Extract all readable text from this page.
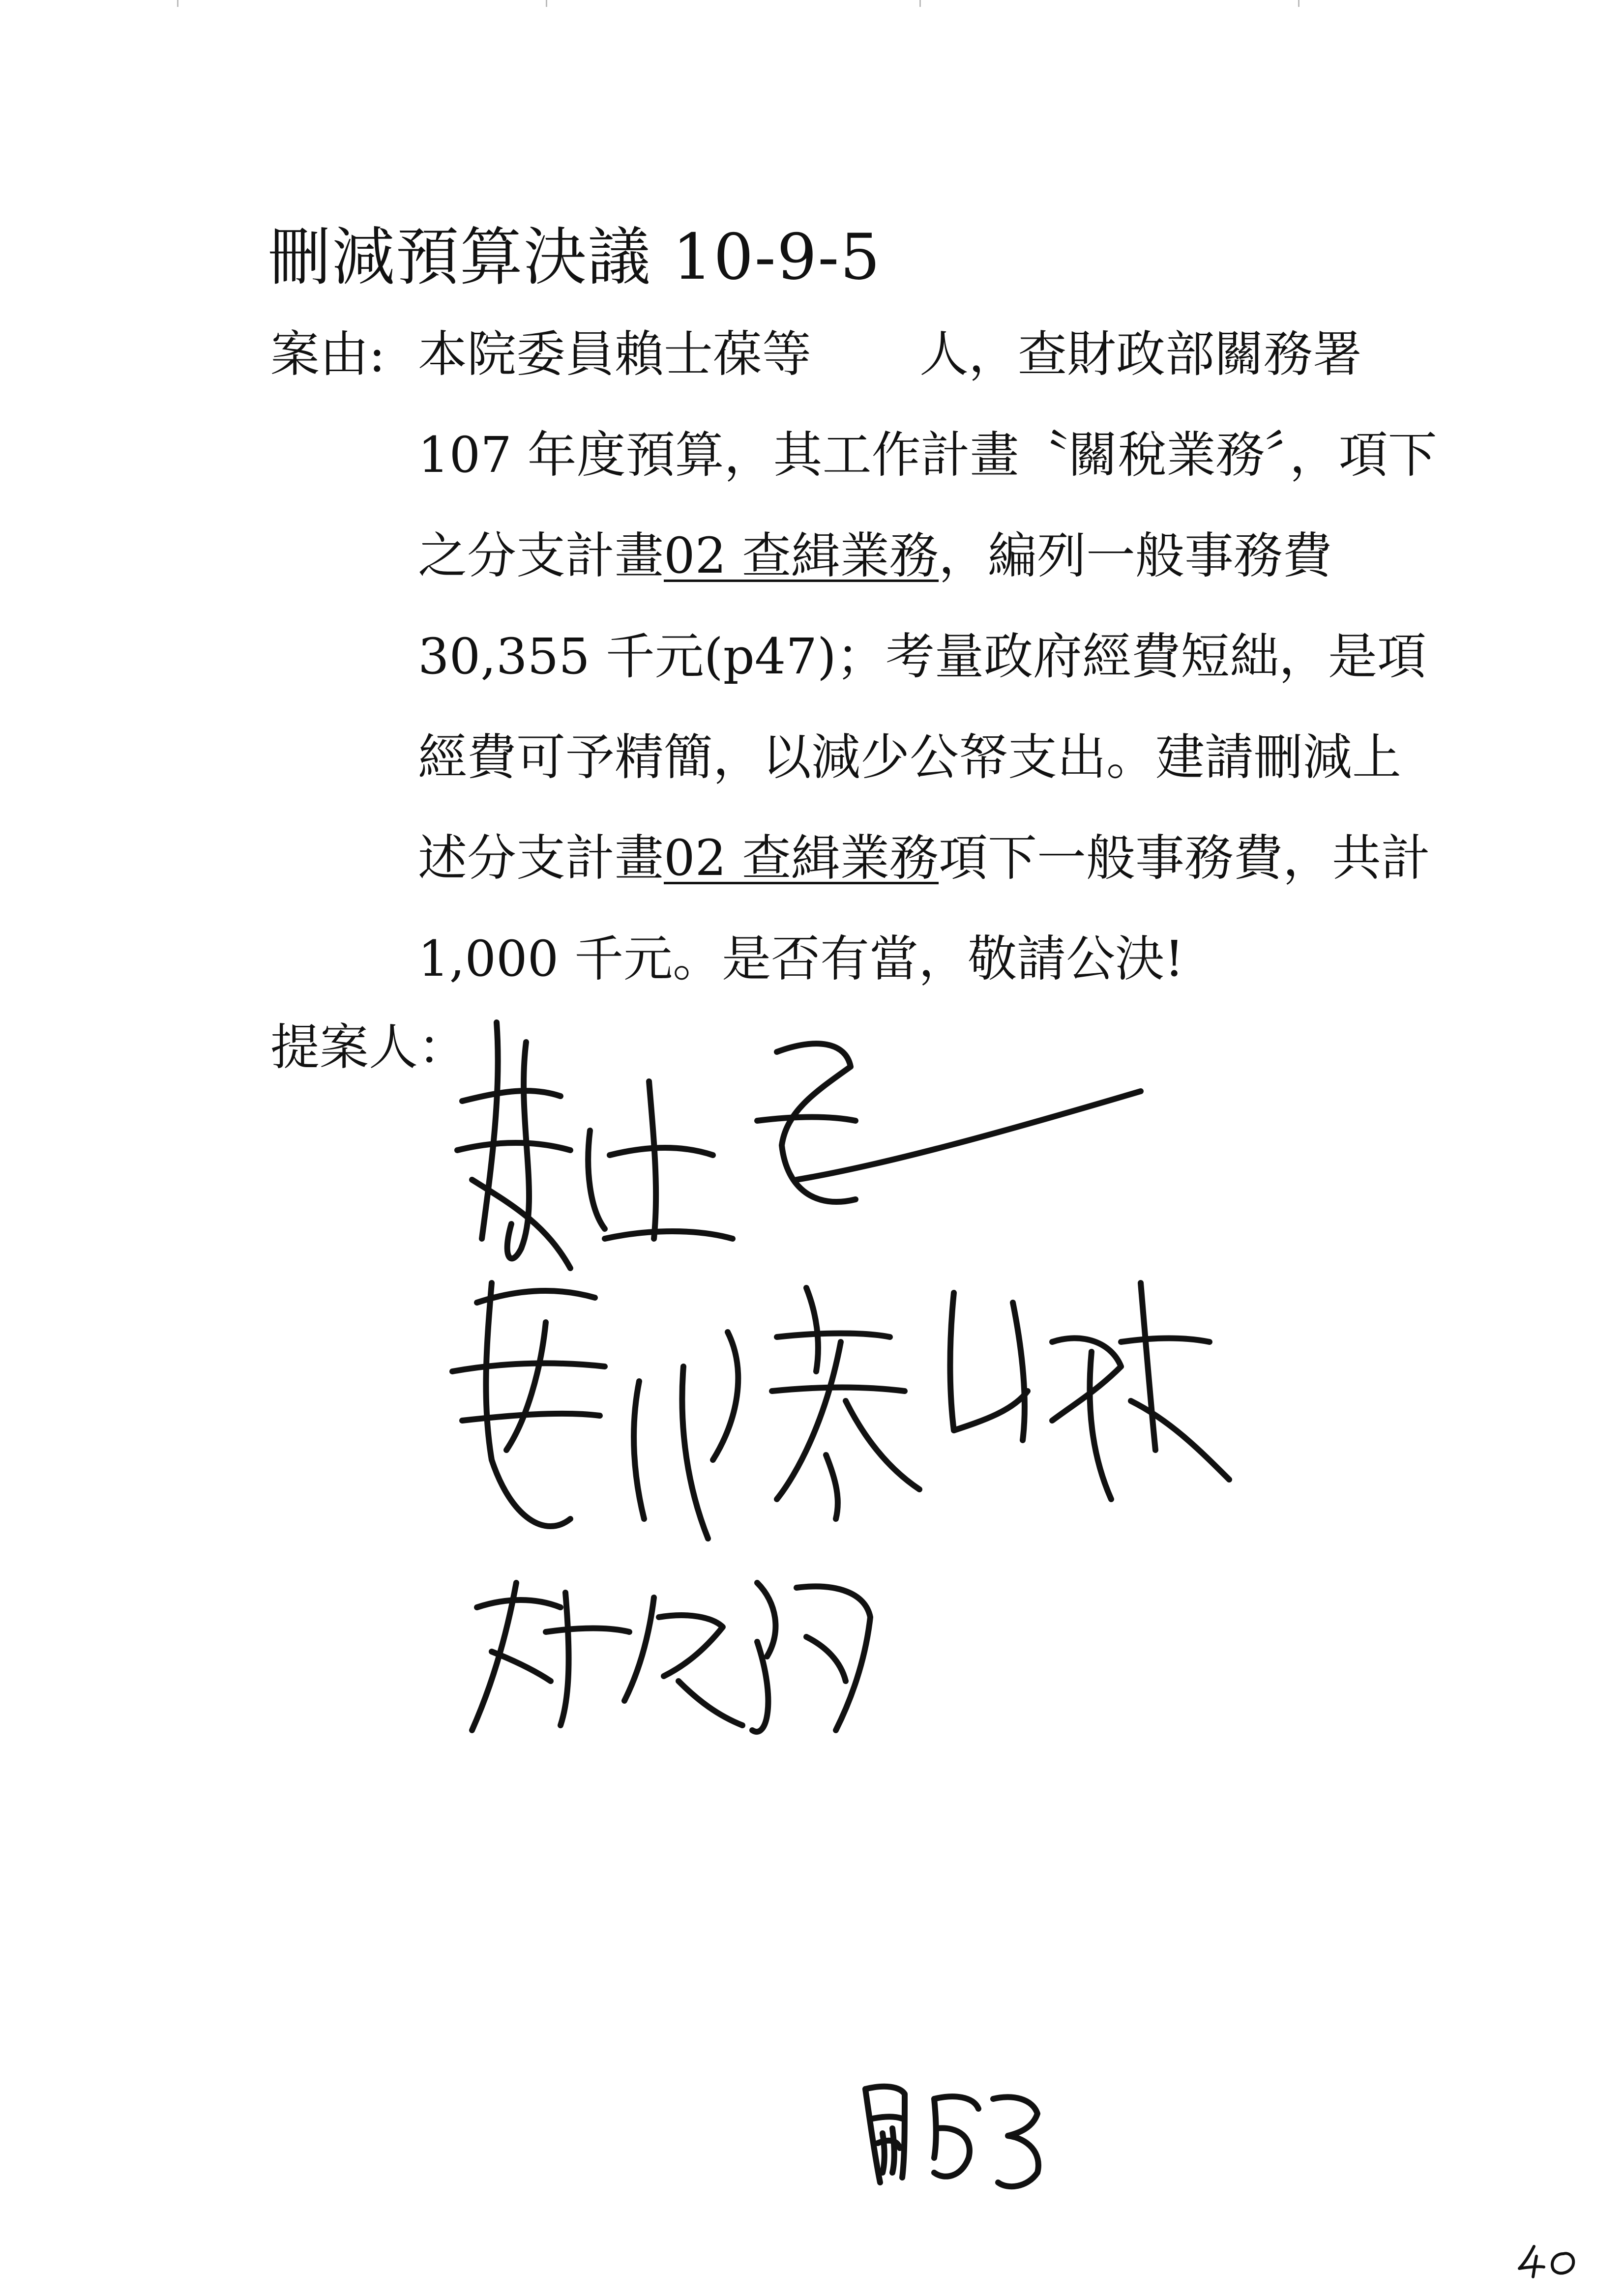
刪減預算決議 10-9-5
案由: 本院委員賴士葆等 人，查財政部關務署
107 年度預算，其工作計畫〝關稅業務〞，項下
之分支計畫02 查緝業務，編列一般事務費
30,355 千元(p47)；考量政府經費短絀，是項
經費可予精簡，以減少公帑支出。建請刪減上
述分支計畫02 查緝業務項下一般事務費，共計
1,000 千元。是否有當，敬請公決!
提案人：
